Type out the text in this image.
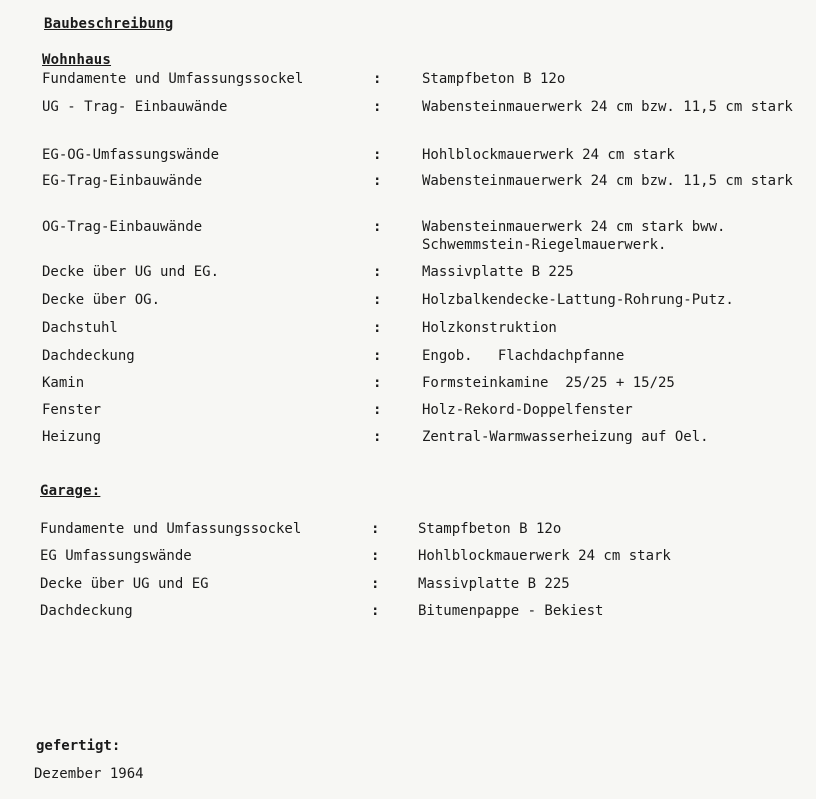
Baubeschreibung
Wohnhaus
Fundamente und Umfassungssockel	:	Stampfbeton B 12o
UG - Trag- Einbauwände	:	Wabensteinmauerwerk 24 cm bzw. 11,5 cm stark
EG-OG-Umfassungswände	:	Hohlblockmauerwerk 24 cm stark
EG-Trag-Einbauwände	:	Wabensteinmauerwerk 24 cm bzw. 11,5 cm stark
OG-Trag-Einbauwände	:	Wabensteinmauerwerk 24 cm stark bww. Schwemmstein-Riegelmauerwerk.
Decke über UG und EG.	:	Massivplatte B 225
Decke über OG.	:	Holzbalkendecke-Lattung-Rohrung-Putz.
Dachstuhl	:	Holzkonstruktion
Dachdeckung	:	Engob.   Flachdachpfanne
Kamin	:	Formsteinkamine  25/25 + 15/25
Fenster	:	Holz-Rekord-Doppelfenster
Heizung	:	Zentral-Warmwasserheizung auf Oel.
Garage:
Fundamente und Umfassungssockel	:	Stampfbeton B 12o
EG Umfassungswände	:	Hohlblockmauerwerk 24 cm stark
Decke über UG und EG	:	Massivplatte B 225
Dachdeckung	:	Bitumenpappe - Bekiest
gefertigt:
Dezember 1964
